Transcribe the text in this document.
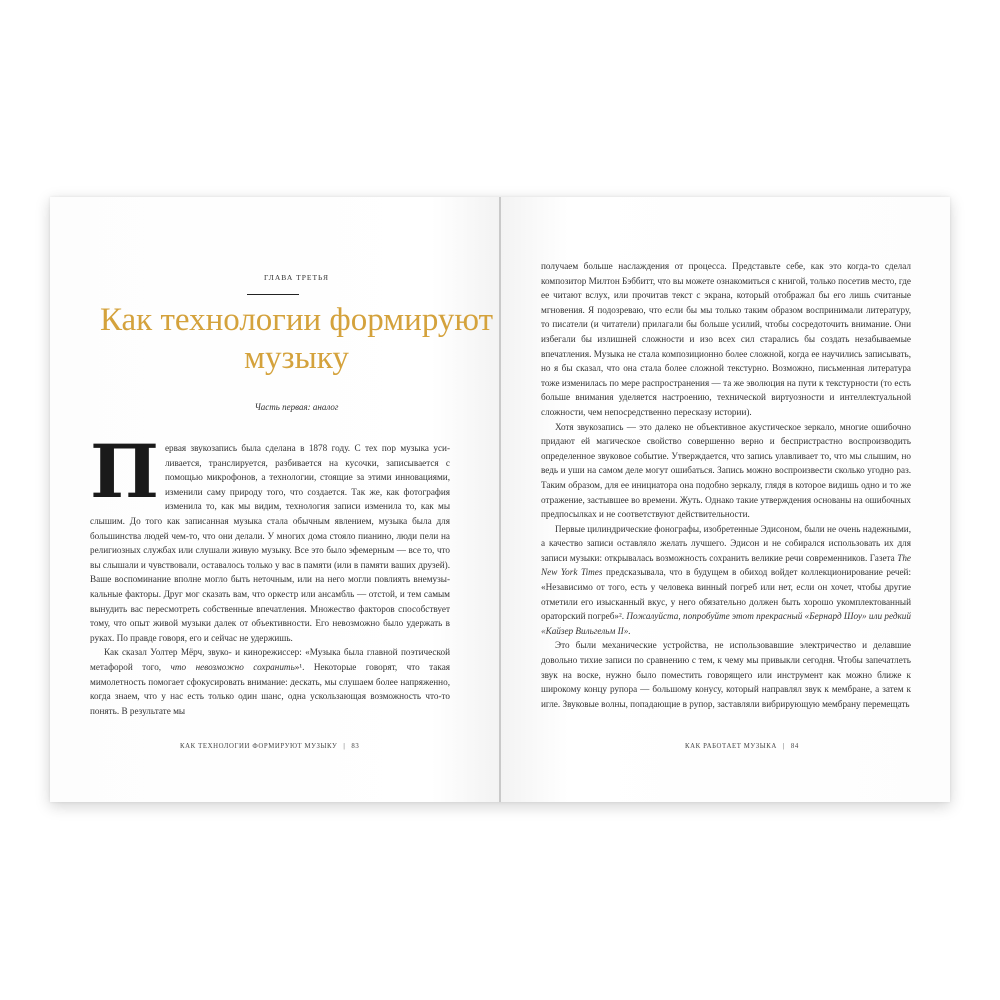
ГЛАВА ТРЕТЬЯ
Как технологии формируют музыку
Часть первая: аналог

Первая звукозапись была сделана в 1878 году. С тех пор музыка усиливается, транслируется, разбивается на кусочки, записывается с помощью микрофонов, а технологии, стоящие за этими инновациями, изменили саму природу того, что создается. Так же, как фотография изменила то, как мы видим, технология записи изменила то, как мы слышим. До того как записанная музыка стала обычным явлением, музыка была для большинства людей чем-то, что они делали. У многих дома стояло пианино, люди пели на религиозных службах или слушали живую музыку. Все это было эфемерным — все то, что вы слышали и чувствовали, оставалось только у вас в памяти (или в памяти ваших друзей). Ваше воспоминание вполне могло быть неточным, или на него могли повлиять внемузыкальные факторы. Друг мог сказать вам, что оркестр или ансамбль — отстой, и тем самым вынудить вас пересмотреть собственные впечатления. Множество факторов способствует тому, что опыт живой музыки далек от объективности. Его невозможно было удержать в руках. По правде говоря, его и сейчас не удержишь.

Как сказал Уолтер Мёрч, звуко- и кинорежиссер: «Музыка была главной поэтической метафорой того, что невозможно сохранить»¹. Некоторые говорят, что такая мимолетность помогает сфокусировать внимание: дескать, мы слушаем более напряженно, когда знаем, что у нас есть только один шанс, одна ускользающая возможность что-то понять. В результате мы

КАК ТЕХНОЛОГИИ ФОРМИРУЮТ МУЗЫКУ | 83

получаем больше наслаждения от процесса. Представьте себе, как это когда-то сделал композитор Милтон Бэббитт, что вы можете ознакомиться с книгой, только посетив место, где ее читают вслух, или прочитав текст с экрана, который отображал бы его лишь считаные мгновения. Я подозреваю, что если бы мы только таким образом воспринимали литературу, то писатели (и читатели) прилагали бы больше усилий, чтобы сосредоточить внимание. Они избегали бы излишней сложности и изо всех сил старались бы создать незабываемые впечатления. Музыка не стала композиционно более сложной, когда ее научились записывать, но я бы сказал, что она стала более сложной текстурно. Возможно, письменная литература тоже изменилась по мере распространения — та же эволюция на пути к текстурности (то есть больше внимания уделяется настроению, технической виртуозности и интеллектуальной сложности, чем непосредственно пересказу истории).

Хотя звукозапись — это далеко не объективное акустическое зеркало, многие ошибочно придают ей магическое свойство совершенно верно и беспристрастно воспроизводить определенное звуковое событие. Утверждается, что запись улавливает то, что мы слышим, но ведь и уши на самом деле могут ошибаться. Запись можно воспроизвести сколько угодно раз. Таким образом, для ее инициатора она подобно зеркалу, глядя в которое видишь одно и то же отражение, застывшее во времени. Жуть. Однако такие утверждения основаны на ошибочных предпосылках и не соответствуют действительности.

Первые цилиндрические фонографы, изобретенные Эдисоном, были не очень надежными, а качество записи оставляло желать лучшего. Эдисон и не собирался использовать их для записи музыки: открывалась возможность сохранить великие речи современников. Газета The New York Times предсказывала, что в будущем в обиход войдет коллекционирование речей: «Независимо от того, есть у человека винный погреб или нет, если он хочет, чтобы другие отметили его изысканный вкус, у него обязательно должен быть хорошо укомплектованный ораторский погреб»². Пожалуйста, попробуйте этот прекрасный «Бернард Шоу» или редкий «Кайзер Вильгельм II».

Это были механические устройства, не использовавшие электричество и делавшие довольно тихие записи по сравнению с тем, к чему мы привыкли сегодня. Чтобы запечатлеть звук на воске, нужно было поместить говорящего или инструмент как можно ближе к широкому концу рупора — большому конусу, который направлял звук к мембране, а затем к игле. Звуковые волны, попадающие в рупор, заставляли вибрирующую мембрану перемещать

КАК РАБОТАЕТ МУЗЫКА | 84
